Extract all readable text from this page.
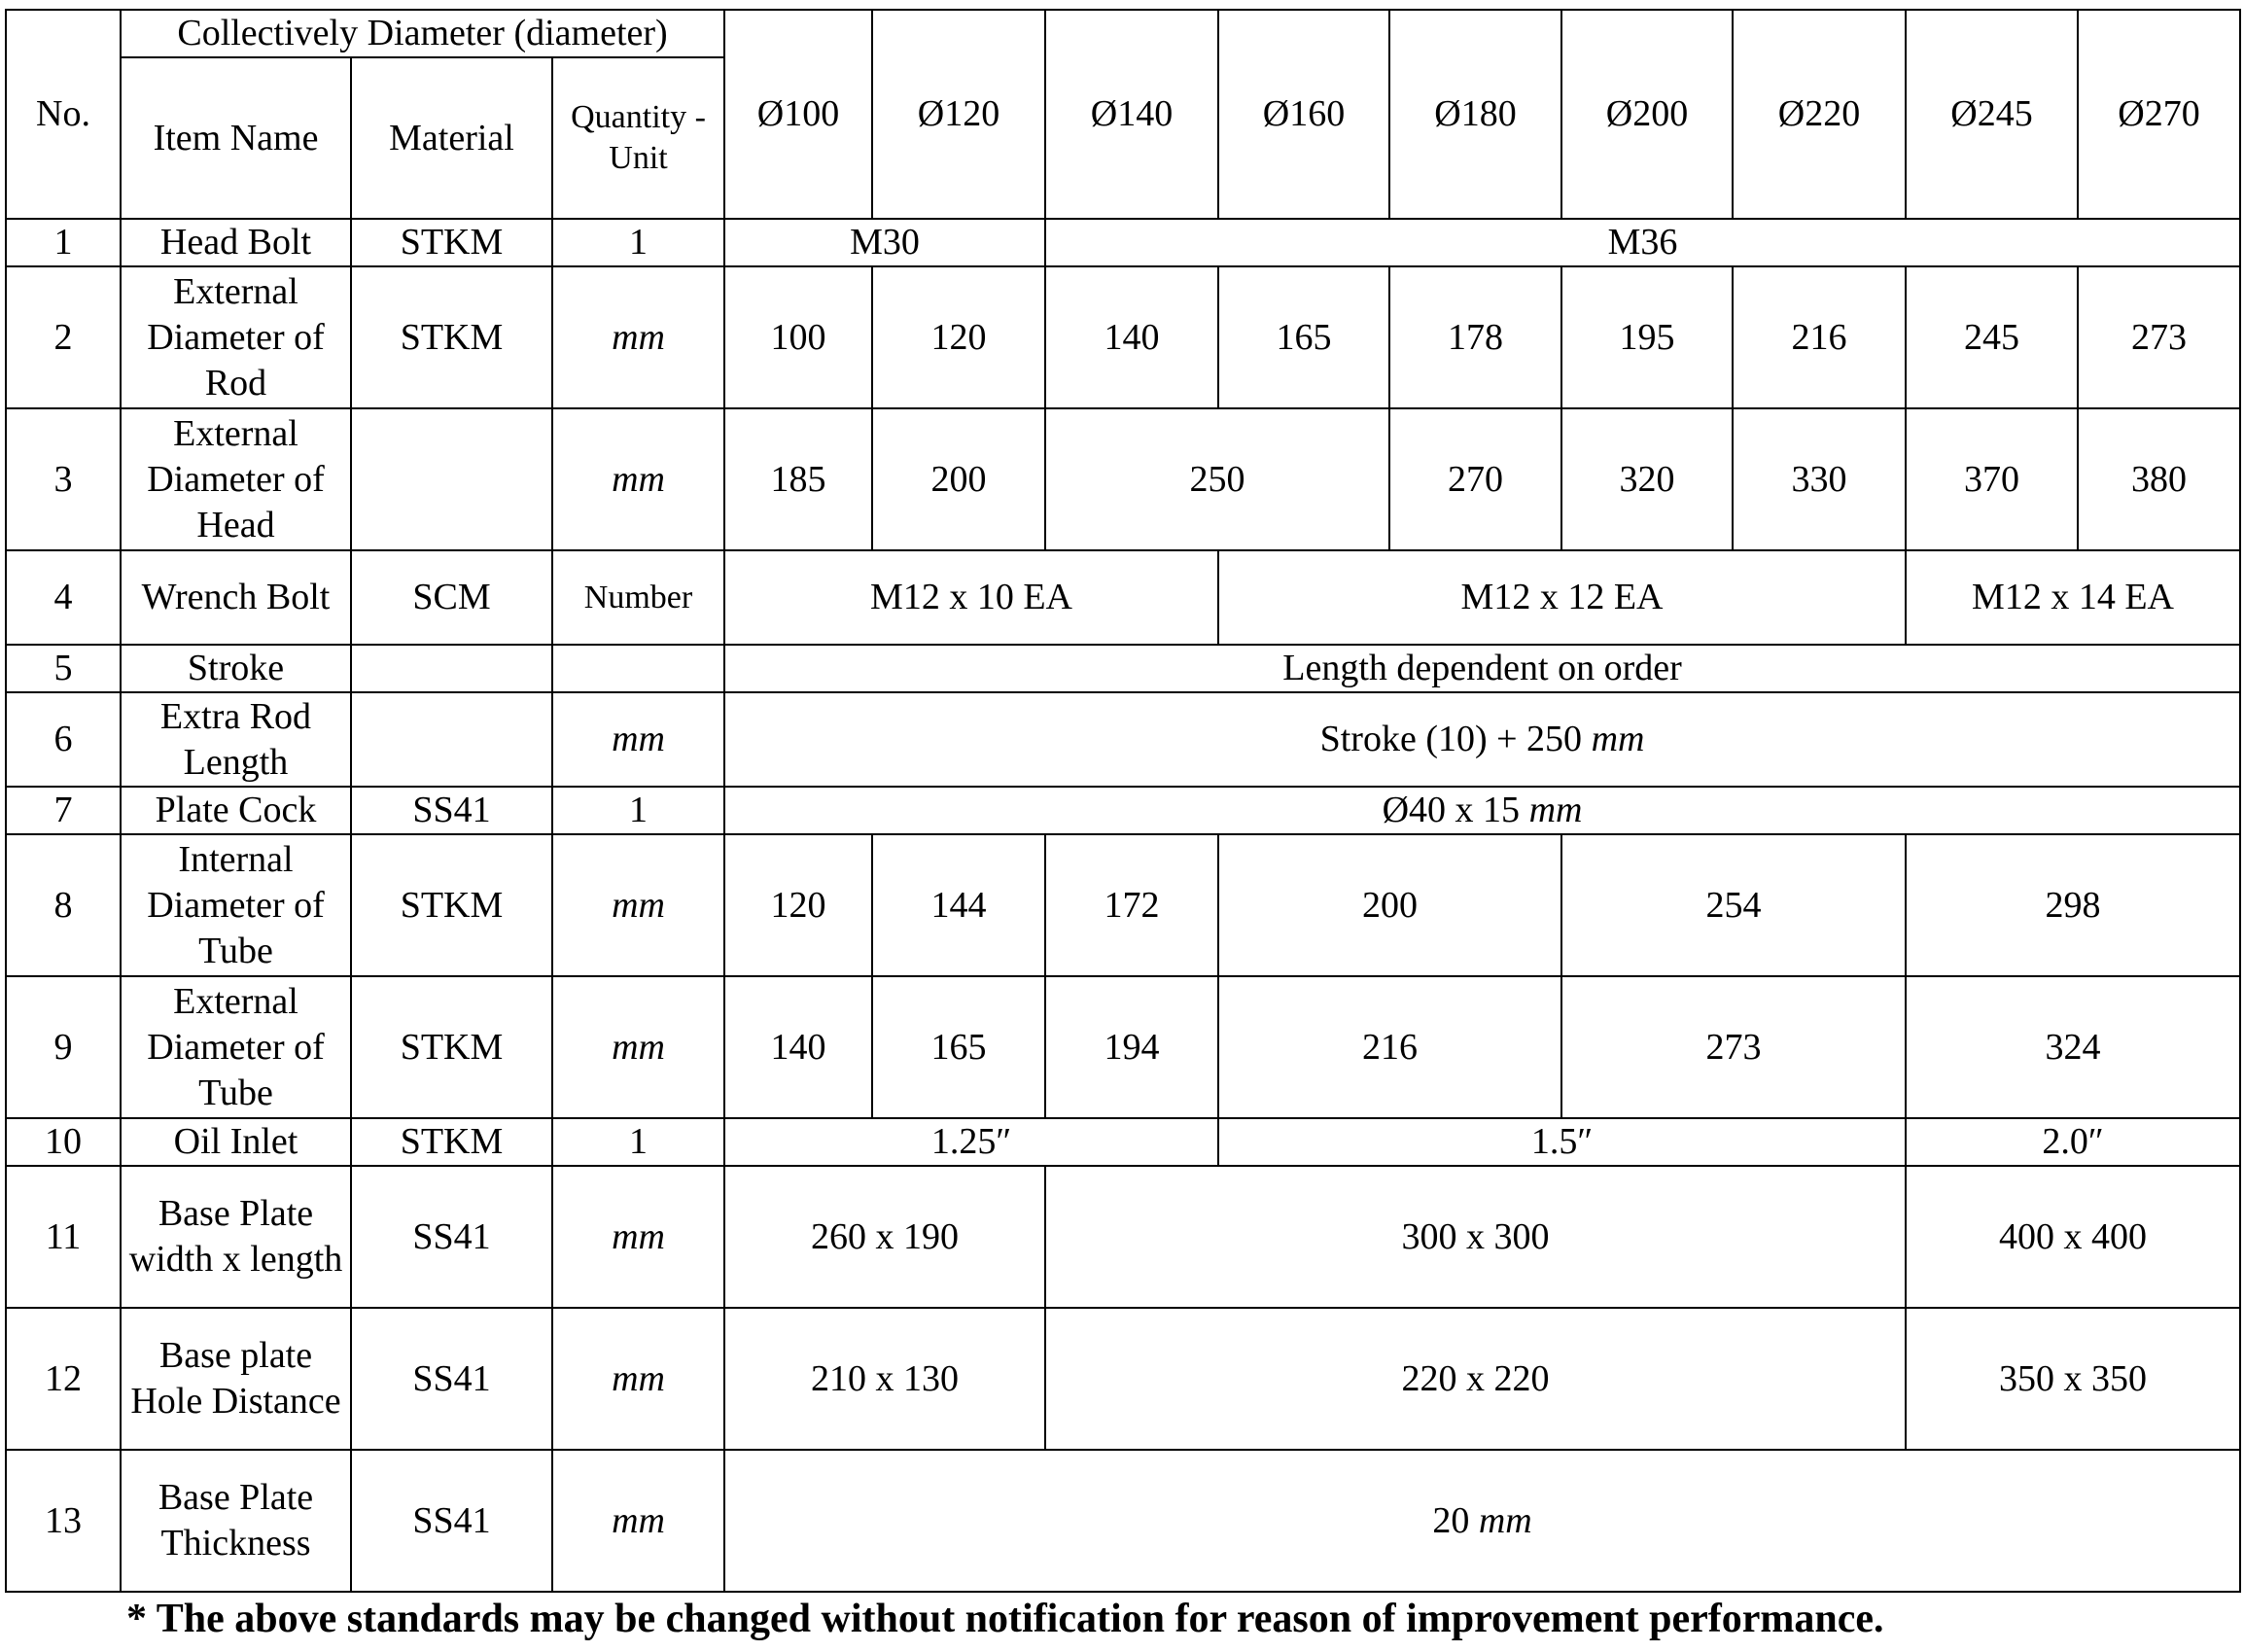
No.	Collectively Diameter (diameter)			Ø100	Ø120	Ø140	Ø160	Ø180	Ø200	Ø220	Ø245	Ø270
	Item Name	Material	Quantity -Unit									
1	Head Bolt	STKM	1	M30		M36						
2	External Diameter of Rod	STKM	mm	100	120	140	165	178	195	216	245	273
3	External Diameter of Head		mm	185	200	250		270	320	330	370	380
4	Wrench Bolt	SCM	Number	M12 x 10 EA			M12 x 12 EA				M12 x 14 EA	
5	Stroke			Length dependent on order								
6	Extra Rod Length		mm	Stroke (10) + 250 mm								
7	Plate Cock	SS41	1	Ø40 x 15 mm								
8	Internal Diameter of Tube	STKM	mm	120	144	172	200		254		298	
9	External Diameter of Tube	STKM	mm	140	165	194	216		273		324	
10	Oil Inlet	STKM	1	1.25″			1.5″				2.0″	
11	Base Plate width x length	SS41	mm	260 x 190		300 x 300					400 x 400	
12	Base plate Hole Distance	SS41	mm	210 x 130		220 x 220					350 x 350	
13	Base Plate Thickness	SS41	mm	20 mm								

* The above standards may be changed without notification for reason of improvement performance.
